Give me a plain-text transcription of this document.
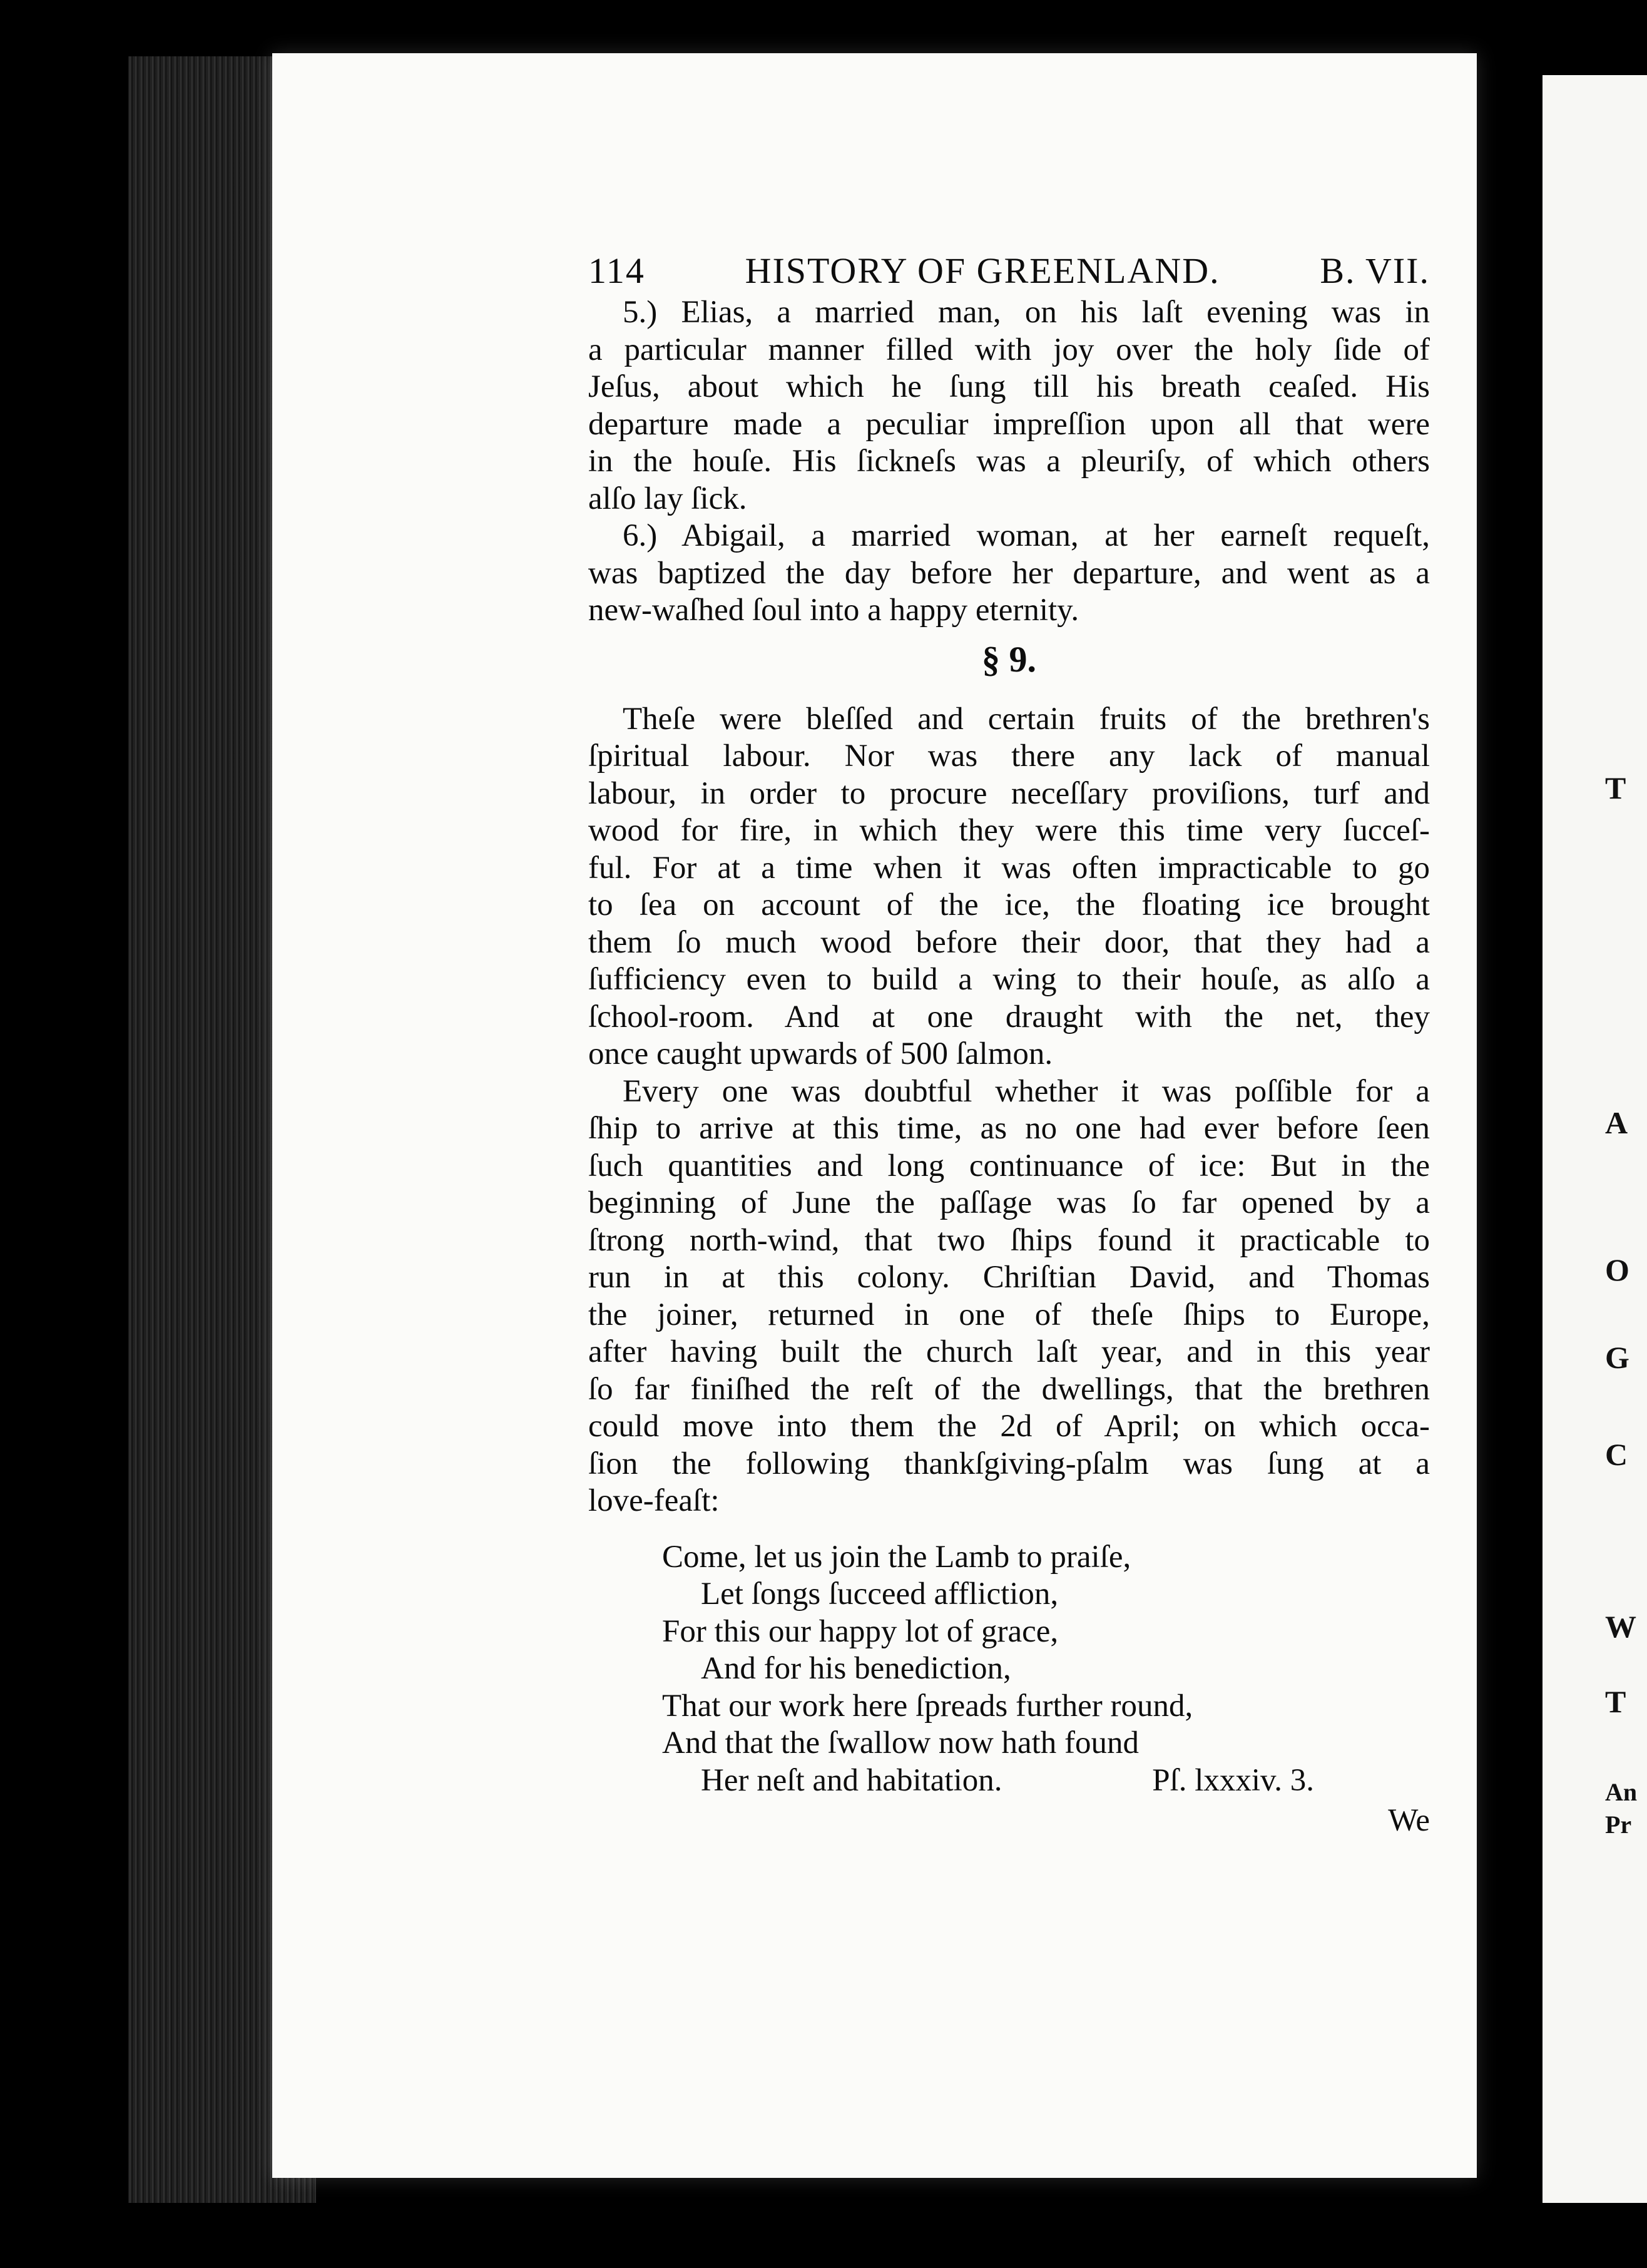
T
A
O
G
C
W
T
An
Pr
114	HISTORY OF GREENLAND.	B. VII.
5.) Elias, a married man, on his laſt evening was in
a particular manner filled with joy over the holy ſide of
Jeſus, about which he ſung till his breath ceaſed. His
departure made a peculiar impreſſion upon all that were
in the houſe. His ſickneſs was a pleuriſy, of which others
alſo lay ſick.
6.) Abigail, a married woman, at her earneſt requeſt,
was baptized the day before her departure, and went as a
new-waſhed ſoul into a happy eternity.
§ 9.
Theſe were bleſſed and certain fruits of the brethren's
ſpiritual labour. Nor was there any lack of manual
labour, in order to procure neceſſary proviſions, turf and
wood for fire, in which they were this time very ſucceſ-
ful. For at a time when it was often impracticable to go
to ſea on account of the ice, the floating ice brought
them ſo much wood before their door, that they had a
ſufficiency even to build a wing to their houſe, as alſo a
ſchool-room. And at one draught with the net, they
once caught upwards of 500 ſalmon.
Every one was doubtful whether it was poſſible for a
ſhip to arrive at this time, as no one had ever before ſeen
ſuch quantities and long continuance of ice: But in the
beginning of June the paſſage was ſo far opened by a
ſtrong north-wind, that two ſhips found it practicable to
run in at this colony. Chriſtian David, and Thomas
the joiner, returned in one of theſe ſhips to Europe,
after having built the church laſt year, and in this year
ſo far finiſhed the reſt of the dwellings, that the brethren
could move into them the 2d of April; on which occa-
ſion the following thankſgiving-pſalm was ſung at a
love-feaſt:
Come, let us join the Lamb to praiſe,
Let ſongs ſucceed affliction,
For this our happy lot of grace,
And for his benediction,
That our work here ſpreads further round,
And that the ſwallow now hath found
Her neſt and habitation.	Pſ. lxxxiv. 3.
We
